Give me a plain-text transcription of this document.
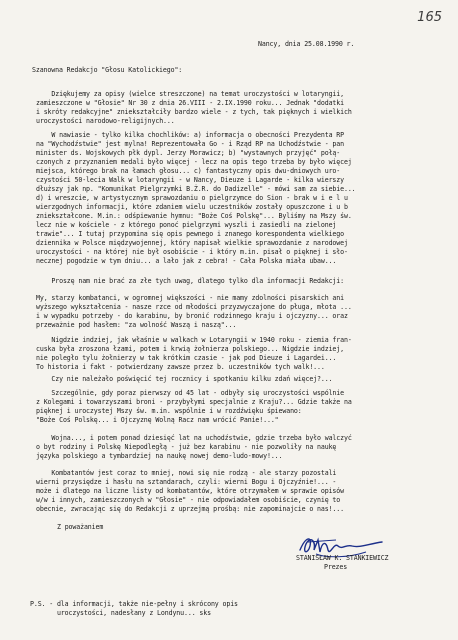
165
Nancy, dnia 25.08.1990 r.
Szanowna Redakcjo "Głosu Katolickiego":
Dziękujemy za opisy (wielce streszczone) na temat uroczystości w lotaryngii,
zamieszczone w "Głosie" Nr 30 z dnia 26.VIII - 2.IX.1990 roku... Jednak "dodatki
i skróty redakcyjne" zniekształciły bardzo wiele - z tych, tak pięknych i wielkich
uroczystości narodowo-religijnych...
W nawiasie - tylko kilka chochlików: a) informacja o obecności Prezydenta RP
na "Wychodźstwie" jest mylna! Reprezentowała Go - i Rząd RP na Uchodźstwie - pan
minister ds. Wojskowych płk dypl. Jerzy Morawicz; b) "wystawnych przyjęć" połą-
czonych z przyznaniem medali było więcej - lecz na opis tego trzeba by było więcej
miejsca, którego brak na łamach głosu... c) fantastyczny opis dwu-dniowych uro-
czystości 50-lecia Walk w lotaryngii - w Nancy, Dieuze i Lagarde - kilka wierszy
dłuższy jak np. "Komunikat Pielgrzymki B.Ż.R. do Dadizelle" - mówi sam za siebie...
d) i wreszcie, w artystycznym sprawozdaniu o pielgrzymce do Sion - brak w i e l u
wierzgodnych informacji, które zdaniem wielu uczestników zostały opuszczone i u b
zniekształcone. M.in.: odśpiewanie hymnu: "Boże Coś Polskę"... Byliśmy na Mszy św.
lecz nie w kościele - z którego ponoć pielgrzymi wyszli i zasiedli na zielonej
trawie"... I tutaj przypomina się opis pewnego i znanego korespondenta wielkiego
dziennika w Polsce międzywojennej, który napisał wielkie sprawozdanie z narodowej
uroczystości - na której nie był osobiście - i który m.in. pisał o pięknej i sło-
necznej pogodzie w tym dniu... a lało jak z cebra! - Cała Polska miała ubaw...
Proszę nam nie brać za złe tych uwag, dlatego tylko dla informacji Redakcji:
My, starzy kombatanci, w ogromnej większości - nie mamy zdolności pisarskich ani
wyższego wykształcenia - nasze rzce od młodości przyzwyczajone do pługa, młota ...
i w wypadku potrzeby - do karabinu, by bronić rodzinnego kraju i ojczyzny... oraz
przeważnie pod hasłem: "za wolność Waszą i naszą"...
Nigdzie indziej, jak właśnie w walkach w Lotaryngii w 1940 roku - ziemia fran-
cuska była zroszona łzami, potem i krwią żołnierza polskiego... Nigdzie indziej,
nie poległo tylu żołnierzy w tak krótkim czasie - jak pod Dieuze i Lagardei...
To historia i fakt - potwierdzany zawsze przez b. uczestników tych walk!...
Czy nie należało poświęcić tej rocznicy i spotkaniu kilku zdań więcej?...
Szczególnie, gdy poraz pierwszy od 45 lat - odbyły się uroczystości wspólnie
z Kolegami i towarzyszami broni - przybyłymi specjalnie z Kraju?... Gdzie także na
pięknej i uroczystej Mszy św. m.in. wspólnie i w rozdźwięku śpiewano:
"Boże Coś Polskę... i Ojczyznę Wolną Racz nam wrócić Panie!..."
Wojna..., i potem ponad dziesięć lat na uchodźstwie, gdzie trzeba było walczyć
o byt rodziny i Polskę Niepodległą - już bez karabinu - nie pozwoliły na naukę
języka polskiego a tymbardziej na naukę nowej demo-ludo-mowy!...
Kombatantów jest coraz to mniej, nowi się nie rodzą - ale starzy pozostali
wierni przysiędze i hasłu na sztandarach, czyli: wierni Bogu i Ojczyźnie!... -
może i dlatego na liczne listy od kombatantów, które otrzymałem w sprawie opisów
w/w i innych, zamieszczonych w "Głosie" - nie odpowiadałem osobiście, czynię to
obecnie, zwracając się do Redakcji z uprzejmą prośbą: nie zapominajcie o nas!...
Z poważaniem
STANISŁAW K. STANKIEWICZ
Prezes
P.S. - dla informacji, także nie-pełny i skrócony opis
uroczystości, nadesłany z Londynu... sks
